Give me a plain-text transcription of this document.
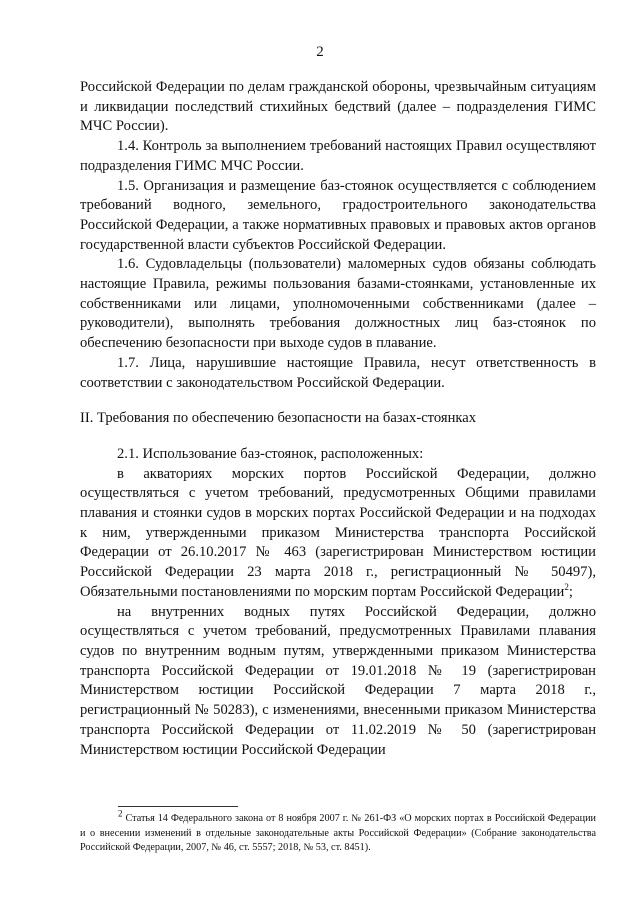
2

Российской Федерации по делам гражданской обороны, чрезвычайным ситуациям и ликвидации последствий стихийных бедствий (далее – подразделения ГИМС МЧС России).

1.4. Контроль за выполнением требований настоящих Правил осуществляют подразделения ГИМС МЧС России.

1.5. Организация и размещение баз-стоянок осуществляется с соблюдением требований водного, земельного, градостроительного законодательства Российской Федерации, а также нормативных правовых и правовых актов органов государственной власти субъектов Российской Федерации.

1.6. Судовладельцы (пользователи) маломерных судов обязаны соблюдать настоящие Правила, режимы пользования базами-стоянками, установленные их собственниками или лицами, уполномоченными собственниками (далее – руководители), выполнять требования должностных лиц баз-стоянок по обеспечению безопасности при выходе судов в плавание.

1.7. Лица, нарушившие настоящие Правила, несут ответственность в соответствии с законодательством Российской Федерации.

II. Требования по обеспечению безопасности на базах-стоянках

2.1. Использование баз-стоянок, расположенных:

в акваториях морских портов Российской Федерации, должно осуществляться с учетом требований, предусмотренных Общими правилами плавания и стоянки судов в морских портах Российской Федерации и на подходах к ним, утвержденными приказом Министерства транспорта Российской Федерации от 26.10.2017 № 463 (зарегистрирован Министерством юстиции Российской Федерации 23 марта 2018 г., регистрационный № 50497), Обязательными постановлениями по морским портам Российской Федерации$^2$;

на внутренних водных путях Российской Федерации, должно осуществляться с учетом требований, предусмотренных Правилами плавания судов по внутренним водным путям, утвержденными приказом Министерства транспорта Российской Федерации от 19.01.2018 № 19 (зарегистрирован Министерством юстиции Российской Федерации 7 марта 2018 г., регистрационный № 50283), с изменениями, внесенными приказом Министерства транспорта Российской Федерации от 11.02.2019 № 50 (зарегистрирован Министерством юстиции Российской Федерации

$^2$ Статья 14 Федерального закона от 8 ноября 2007 г. № 261-ФЗ «О морских портах в Российской Федерации и о внесении изменений в отдельные законодательные акты Российской Федерации» (Собрание законодательства Российской Федерации, 2007, № 46, ст. 5557; 2018, № 53, ст. 8451).
